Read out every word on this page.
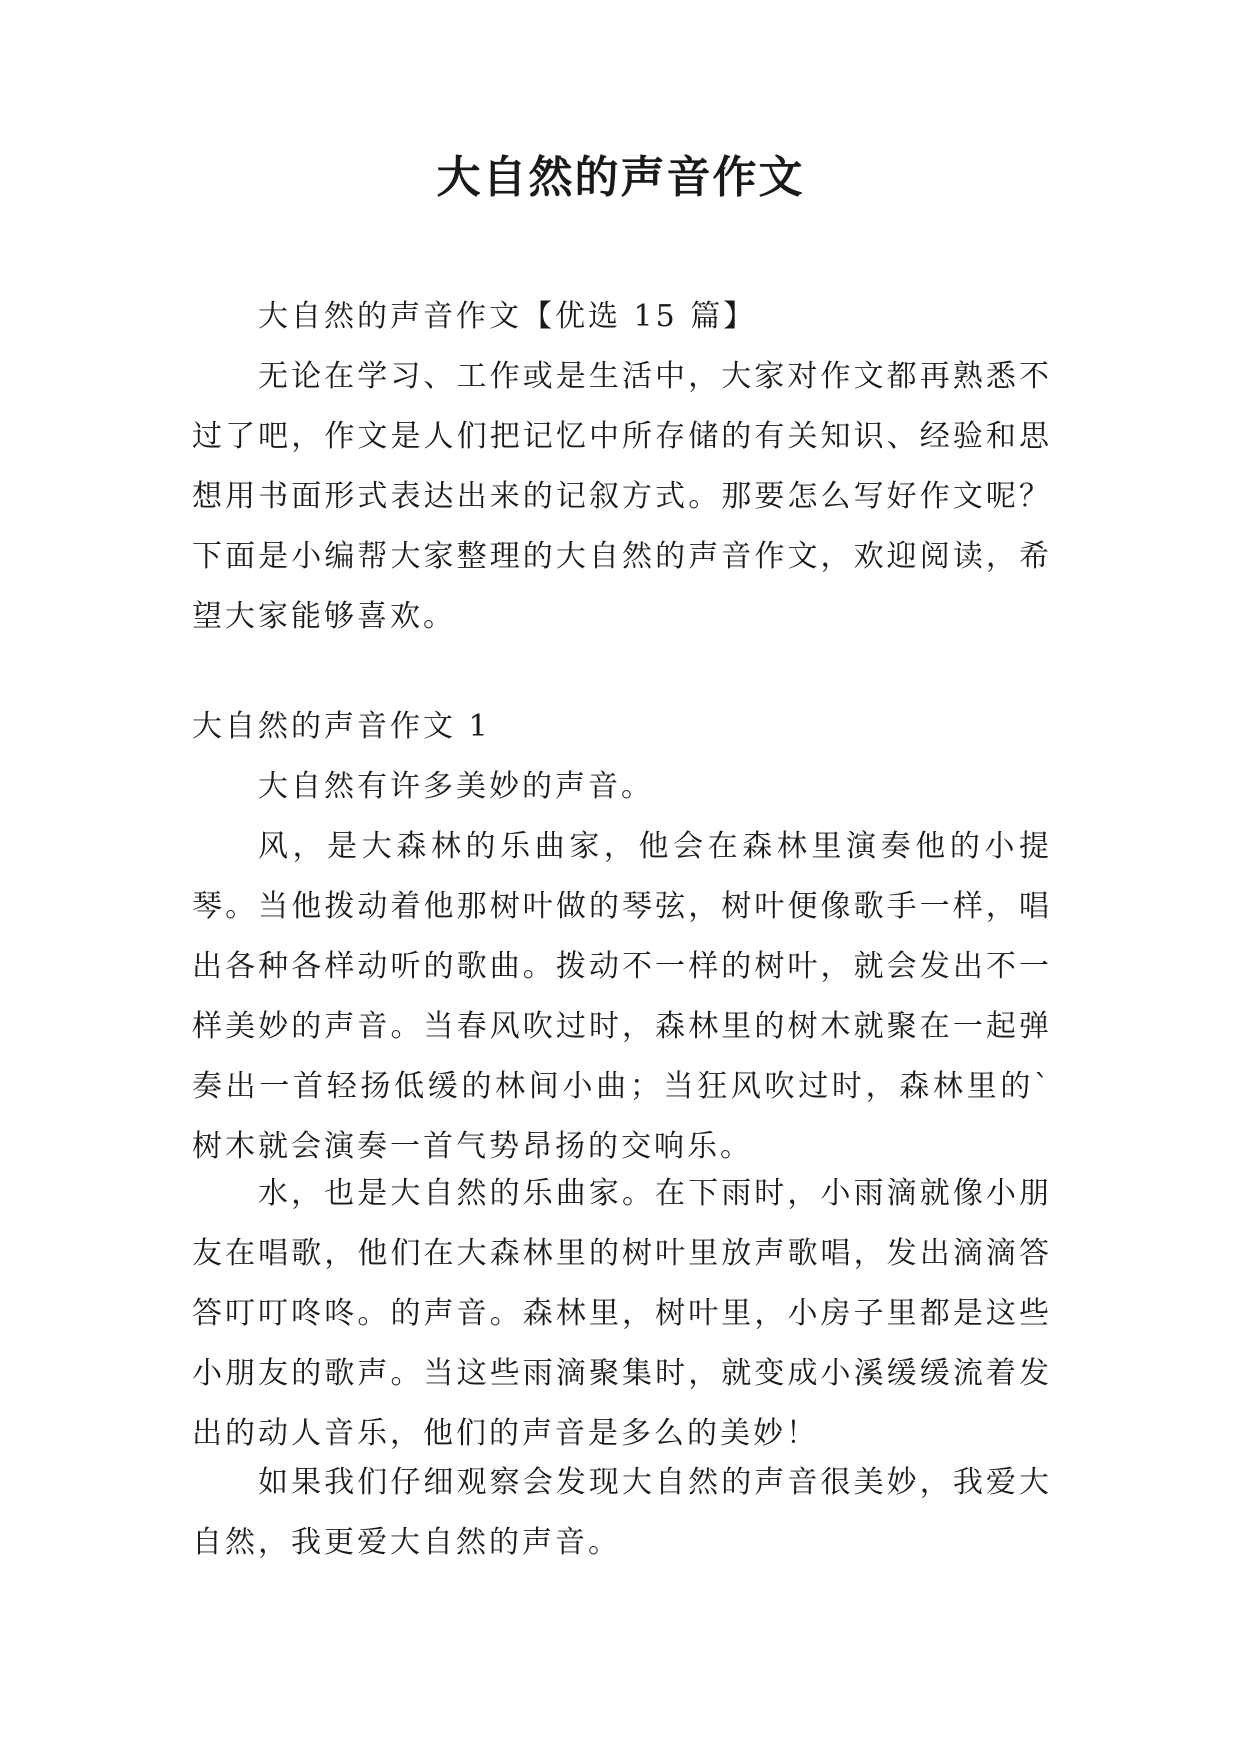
大自然的声音作文

大自然的声音作文【优选 15 篇】

无论在学习、工作或是生活中，大家对作文都再熟悉不过了吧，作文是人们把记忆中所存储的有关知识、经验和思想用书面形式表达出来的记叙方式。那要怎么写好作文呢？下面是小编帮大家整理的大自然的声音作文，欢迎阅读，希望大家能够喜欢。

大自然的声音作文 1

大自然有许多美妙的声音。

风，是大森林的乐曲家，他会在森林里演奏他的小提琴。当他拨动着他那树叶做的琴弦，树叶便像歌手一样，唱出各种各样动听的歌曲。拨动不一样的树叶，就会发出不一样美妙的声音。当春风吹过时，森林里的树木就聚在一起弹奏出一首轻扬低缓的林间小曲；当狂风吹过时，森林里的`树木就会演奏一首气势昂扬的交响乐。

水，也是大自然的乐曲家。在下雨时，小雨滴就像小朋友在唱歌，他们在大森林里的树叶里放声歌唱，发出滴滴答答叮叮咚咚。的声音。森林里，树叶里，小房子里都是这些小朋友的歌声。当这些雨滴聚集时，就变成小溪缓缓流着发出的动人音乐，他们的声音是多么的美妙！

如果我们仔细观察会发现大自然的声音很美妙，我爱大自然，我更爱大自然的声音。
